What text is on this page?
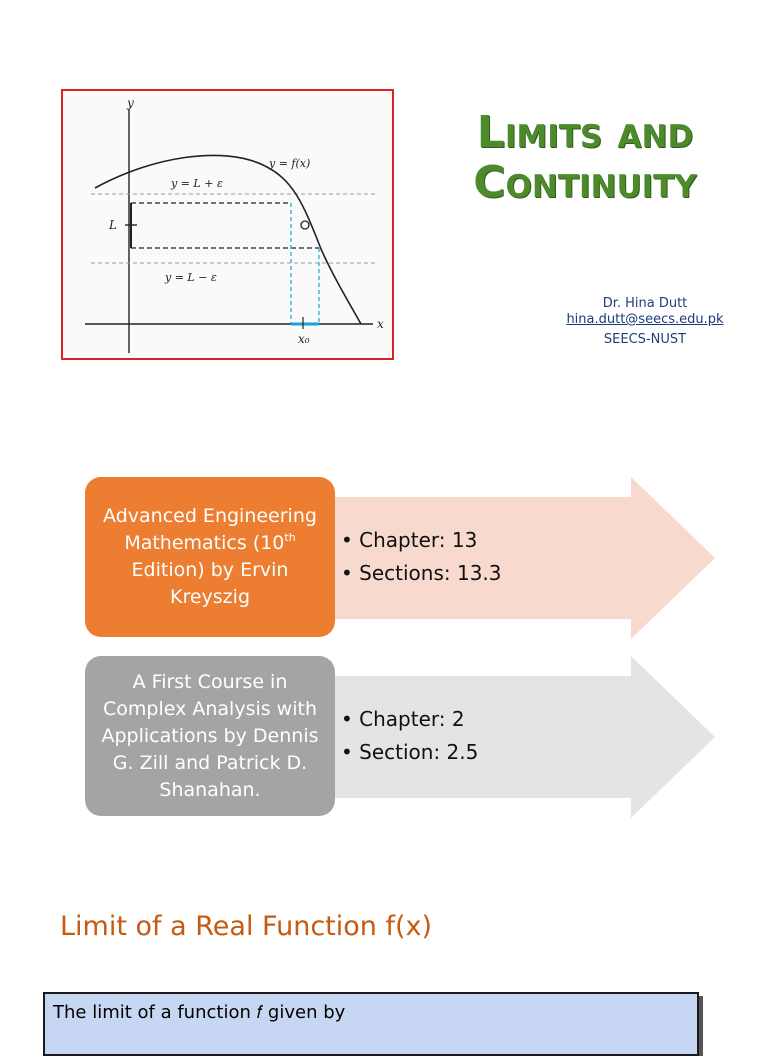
y
x
y = f(x)
y = L + ε
y = L − ε
L
x₀
Limits and
Continuity
Dr. Hina Dutt
hina.dutt@seecs.edu.pk
SEECS-NUST
Advanced Engineering Mathematics (10th Edition) by Ervin Kreyszig
• Chapter: 13
• Sections: 13.3
A First Course in Complex Analysis with Applications by Dennis G. Zill and Patrick D. Shanahan.
• Chapter: 2
• Section: 2.5
Limit of a Real Function f(x)
The limit of a function 𝑓 given by
